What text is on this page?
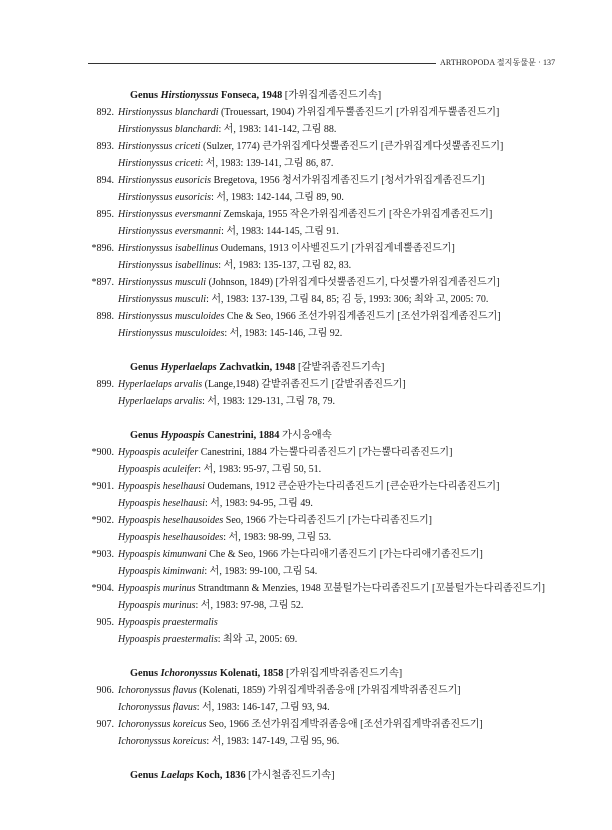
ARTHROPODA 절지동물문 · 137
Genus Hirstionyssus Fonseca, 1948 [가위집게좀진드기속]
892. Hirstionyssus blanchardi (Trouessart, 1904) 가위집게두뿔좀진드기 [가위집게두뿔좀진드기]
Hirstionyssus blanchardi: 서, 1983: 141-142, 그림 88.
893. Hirstionyssus criceti (Sulzer, 1774) 큰가위집게다섯뿔좀진드기 [큰가위집게다섯뿔좀진드기]
Hirstionyssus criceti: 서, 1983: 139-141, 그림 86, 87.
894. Hirstionyssus eusoricis Bregetova, 1956 청서가위집게좀진드기 [청서가위집게좀진드기]
Hirstionyssus eusoricis: 서, 1983: 142-144, 그림 89, 90.
895. Hirstionyssus eversmanni Zemskaja, 1955 작은가위집게좀진드기 [작은가위집게좀진드기]
Hirstionyssus eversmanni: 서, 1983: 144-145, 그림 91.
*896. Hirstionyssus isabellinus Oudemans, 1913 이사벨진드기 [가위집게네뿔좀진드기]
Hirstionyssus isabellinus: 서, 1983: 135-137, 그림 82, 83.
*897. Hirstionyssus musculi (Johnson, 1849) [가위집게다섯뿔좀진드기, 다섯뿔가위집게좀진드기]
Hirstionyssus musculi: 서, 1983: 137-139, 그림 84, 85; 김 등, 1993: 306; 최와 고, 2005: 70.
898. Hirstionyssus musculoides Che & Seo, 1966 조선가위집게좀진드기 [조선가위집게좀진드기]
Hirstionyssus musculoides: 서, 1983: 145-146, 그림 92.
Genus Hyperlaelaps Zachvatkin, 1948 [갈밭쥐좀진드기속]
899. Hyperlaelaps arvalis (Lange,1948) 갈밭쥐좀진드기 [갈밭쥐좀진드기]
Hyperlaelaps arvalis: 서, 1983: 129-131, 그림 78, 79.
Genus Hypoaspis Canestrini, 1884 가시응애속
*900. Hypoaspis aculeifer Canestrini, 1884 가는뿔다리좀진드기 [가는뿔다리좀진드기]
Hypoaspis aculeifer: 서, 1983: 95-97, 그림 50, 51.
*901. Hypoaspis heselhausi Oudemans, 1912 큰순판가는다리좀진드기 [큰순판가는다리좀진드기]
Hypoaspis heselhausi: 서, 1983: 94-95, 그림 49.
*902. Hypoaspis heselhausoides Seo, 1966 가는다리좀진드기 [가는다리좀진드기]
Hypoaspis heselhausoides: 서, 1983: 98-99, 그림 53.
*903. Hypoaspis kimunwani Che & Seo, 1966 가는다리애기좀진드기 [가는다리애기좀진드기]
Hypoaspis kiminwani: 서, 1983: 99-100, 그림 54.
*904. Hypoaspis murinus Strandtmann & Menzies, 1948 꼬불털가는다리좀진드기 [꼬불털가는다리좀진드기]
Hypoaspis murinus: 서, 1983: 97-98, 그림 52.
905. Hypoaspis praestermalis
Hypoaspis praestermalis: 최와 고, 2005: 69.
Genus Ichoronyssus Kolenati, 1858 [가위집게박쥐좀진드기속]
906. Ichoronyssus flavus (Kolenati, 1859) 가위집게박쥐좀응애 [가위집게박쥐좀진드기]
Ichoronyssus flavus: 서, 1983: 146-147, 그림 93, 94.
907. Ichoronyssus koreicus Seo, 1966 조선가위집게박쥐좀응애 [조선가위집게박쥐좀진드기]
Ichoronyssus koreicus: 서, 1983: 147-149, 그림 95, 96.
Genus Laelaps Koch, 1836 [가시철좀진드기속]
